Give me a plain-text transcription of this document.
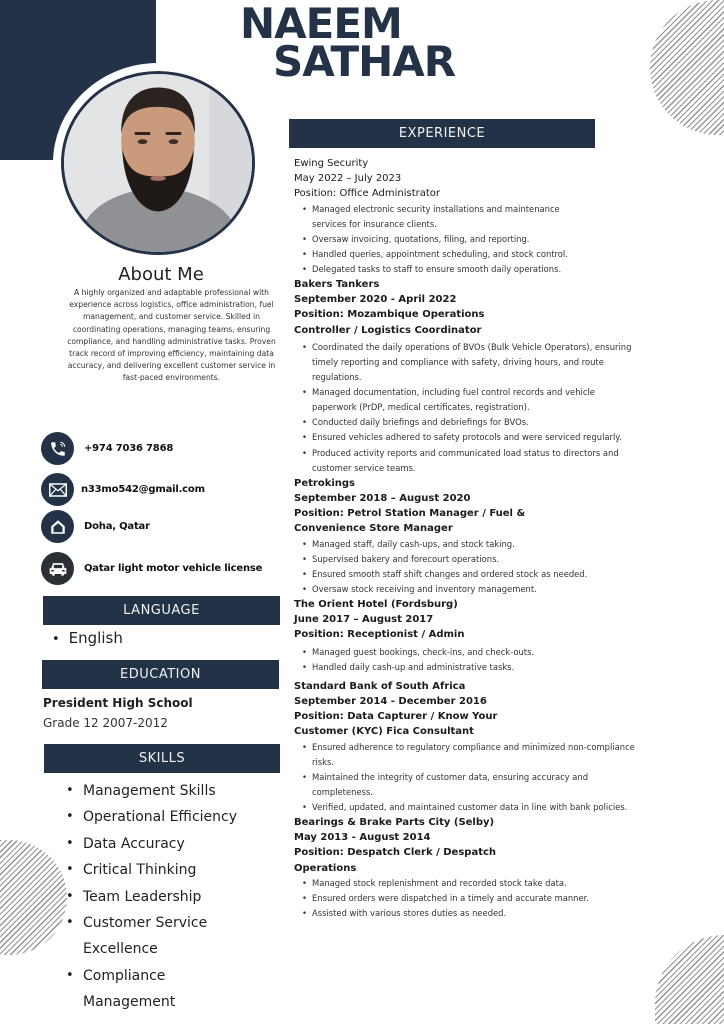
NAEEM
SATHAR
About Me
A highly organized and adaptable professional with experience across logistics, office administration, fuel management, and customer service. Skilled in coordinating operations, managing teams, ensuring compliance, and handling administrative tasks. Proven track record of improving efficiency, maintaining data accuracy, and delivering excellent customer service in fast-paced environments.
+974 7036 7868
n33mo542@gmail.com
Doha, Qatar
Qatar light motor vehicle license
LANGUAGE
• English
EDUCATION
President High School
Grade 12 2007-2012
SKILLS
• Management Skills
• Operational Efficiency
• Data Accuracy
• Critical Thinking
• Team Leadership
• Customer Service Excellence
• Compliance Management
EXPERIENCE
Ewing Security
May 2022 – July 2023
Position: Office Administrator
• Managed electronic security installations and maintenance services for insurance clients.
• Oversaw invoicing, quotations, filing, and reporting.
• Handled queries, appointment scheduling, and stock control.
• Delegated tasks to staff to ensure smooth daily operations.
Bakers Tankers
September 2020 - April 2022
Position: Mozambique Operations Controller / Logistics Coordinator
• Coordinated the daily operations of BVOs (Bulk Vehicle Operators), ensuring timely reporting and compliance with safety, driving hours, and route regulations.
• Managed documentation, including fuel control records and vehicle paperwork (PrDP, medical certificates, registration).
• Conducted daily briefings and debriefings for BVOs.
• Ensured vehicles adhered to safety protocols and were serviced regularly.
• Produced activity reports and communicated load status to directors and customer service teams.
Petrokings
September 2018 – August 2020
Position: Petrol Station Manager / Fuel & Convenience Store Manager
• Managed staff, daily cash-ups, and stock taking.
• Supervised bakery and forecourt operations.
• Ensured smooth staff shift changes and ordered stock as needed.
• Oversaw stock receiving and inventory management.
The Orient Hotel (Fordsburg)
June 2017 – August 2017
Position: Receptionist / Admin
• Managed guest bookings, check-ins, and check-outs.
• Handled daily cash-up and administrative tasks.
Standard Bank of South Africa
September 2014 - December 2016
Position: Data Capturer / Know Your Customer (KYC) Fica Consultant
• Ensured adherence to regulatory compliance and minimized non-compliance risks.
• Maintained the integrity of customer data, ensuring accuracy and completeness.
• Verified, updated, and maintained customer data in line with bank policies.
Bearings & Brake Parts City (Selby)
May 2013 - August 2014
Position: Despatch Clerk / Despatch Operations
• Managed stock replenishment and recorded stock take data.
• Ensured orders were dispatched in a timely and accurate manner.
• Assisted with various stores duties as needed.
